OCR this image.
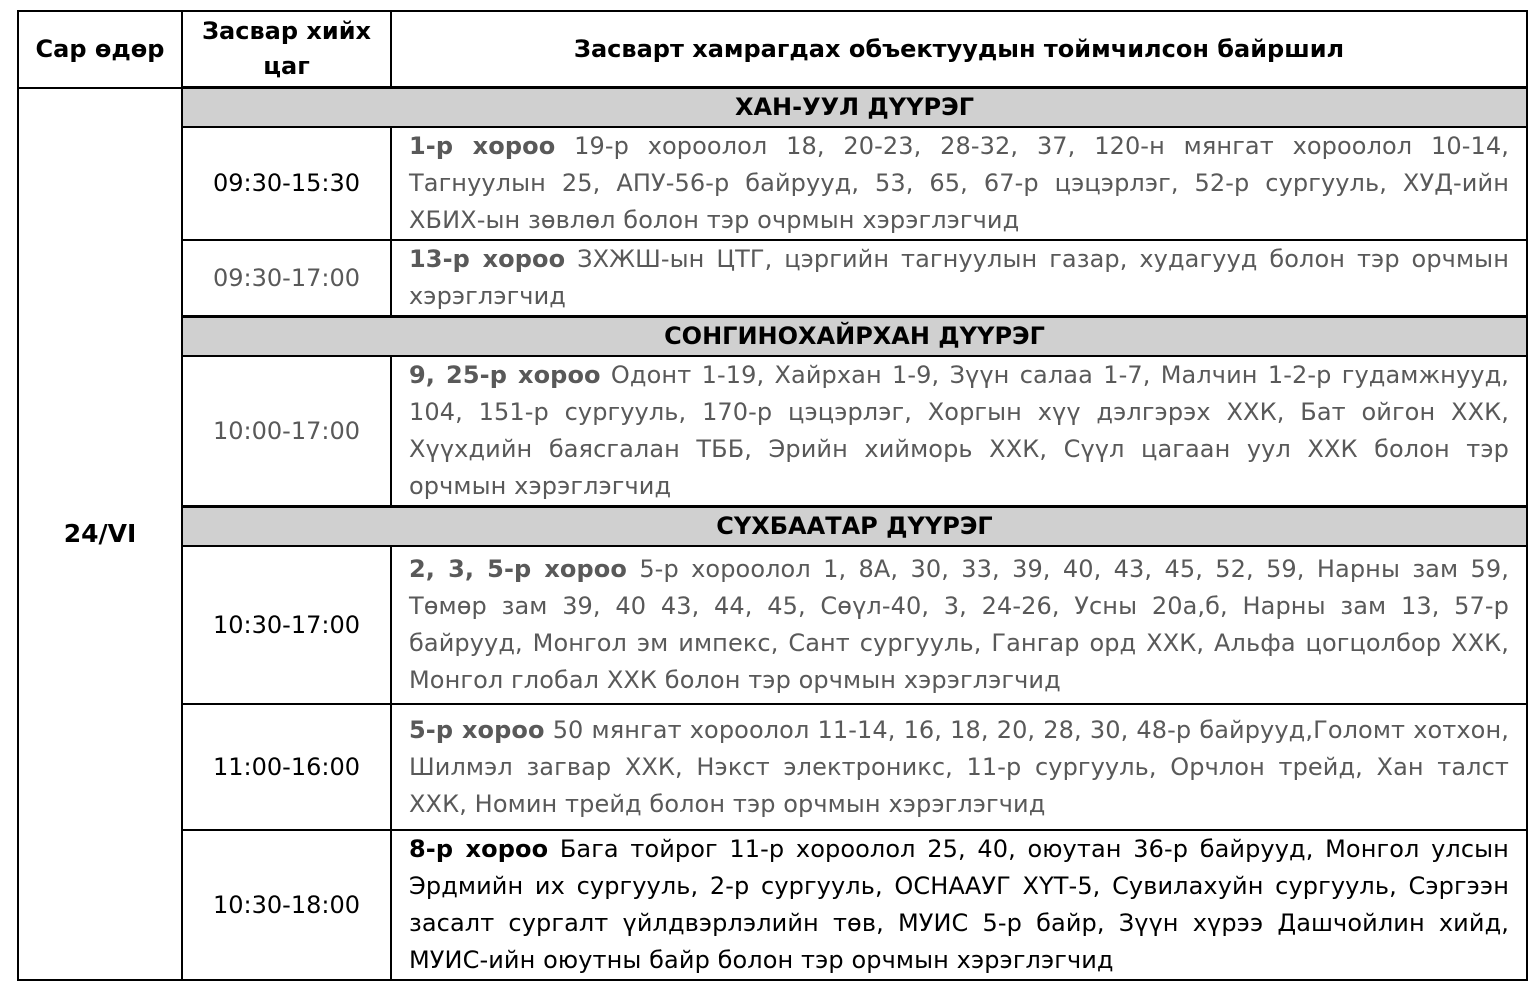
Сар өдөр	Засвар хийх цаг	Засварт хамрагдах объектуудын тоймчилсон байршил
24/VI	ХАН-УУЛ ДҮҮРЭГ	
	09:30-15:30	1-р хороо 19-р хороолол 18, 20-23, 28-32, 37, 120-н мянгат хороолол 10-14, Тагнуулын 25, АПУ-56-р байрууд, 53, 65, 67-р цэцэрлэг, 52-р сургууль, ХУД-ийн ХБИХ-ын зөвлөл болон тэр очрмын хэрэглэгчид
	09:30-17:00	13-р хороо ЗХЖШ-ын ЦТГ, цэргийн тагнуулын газар, худагууд болон тэр орчмын хэрэглэгчид
	СОНГИНОХАЙРХАН ДҮҮРЭГ	
	10:00-17:00	9, 25-р хороо Одонт 1-19, Хайрхан 1-9, Зүүн салаа 1-7, Малчин 1-2-р гудамжнууд, 104, 151-р сургууль, 170-р цэцэрлэг, Хоргын хүү дэлгэрэх ХХК, Бат ойгон ХХК, Хүүхдийн баясгалан ТББ, Эрийн хийморь ХХК, Сүүл цагаан уул ХХК болон тэр орчмын хэрэглэгчид
	СҮХБААТАР ДҮҮРЭГ	
	10:30-17:00	2, 3, 5-р хороо 5-р хороолол 1, 8А, 30, 33, 39, 40, 43, 45, 52, 59, Нарны зам 59, Төмөр зам 39, 40 43, 44, 45, Сөүл-40, 3, 24-26, Усны 20а,б, Нарны зам 13, 57-р байрууд, Монгол эм импекс, Сант сургууль, Гангар орд ХХК, Альфа цогцолбор ХХК, Монгол глобал ХХК болон тэр орчмын хэрэглэгчид
	11:00-16:00	5-р хороо 50 мянгат хороолол 11-14, 16, 18, 20, 28, 30, 48-р байрууд,Голомт хотхон, Шилмэл загвар ХХК, Нэкст электроникс, 11-р сургууль, Орчлон трейд, Хан талст ХХК, Номин трейд болон тэр орчмын хэрэглэгчид
	10:30-18:00	8-р хороо Бага тойрог 11-р хороолол 25, 40, оюутан 36-р байрууд, Монгол улсын Эрдмийн их сургууль, 2-р сургууль, ОСНААУГ ХҮТ-5, Сувилахуйн сургууль, Сэргээн засалт сургалт үйлдвэрлэлийн төв, МУИС 5-р байр, Зүүн хүрээ Дашчойлин хийд, МУИС-ийн оюутны байр болон тэр орчмын хэрэглэгчид
